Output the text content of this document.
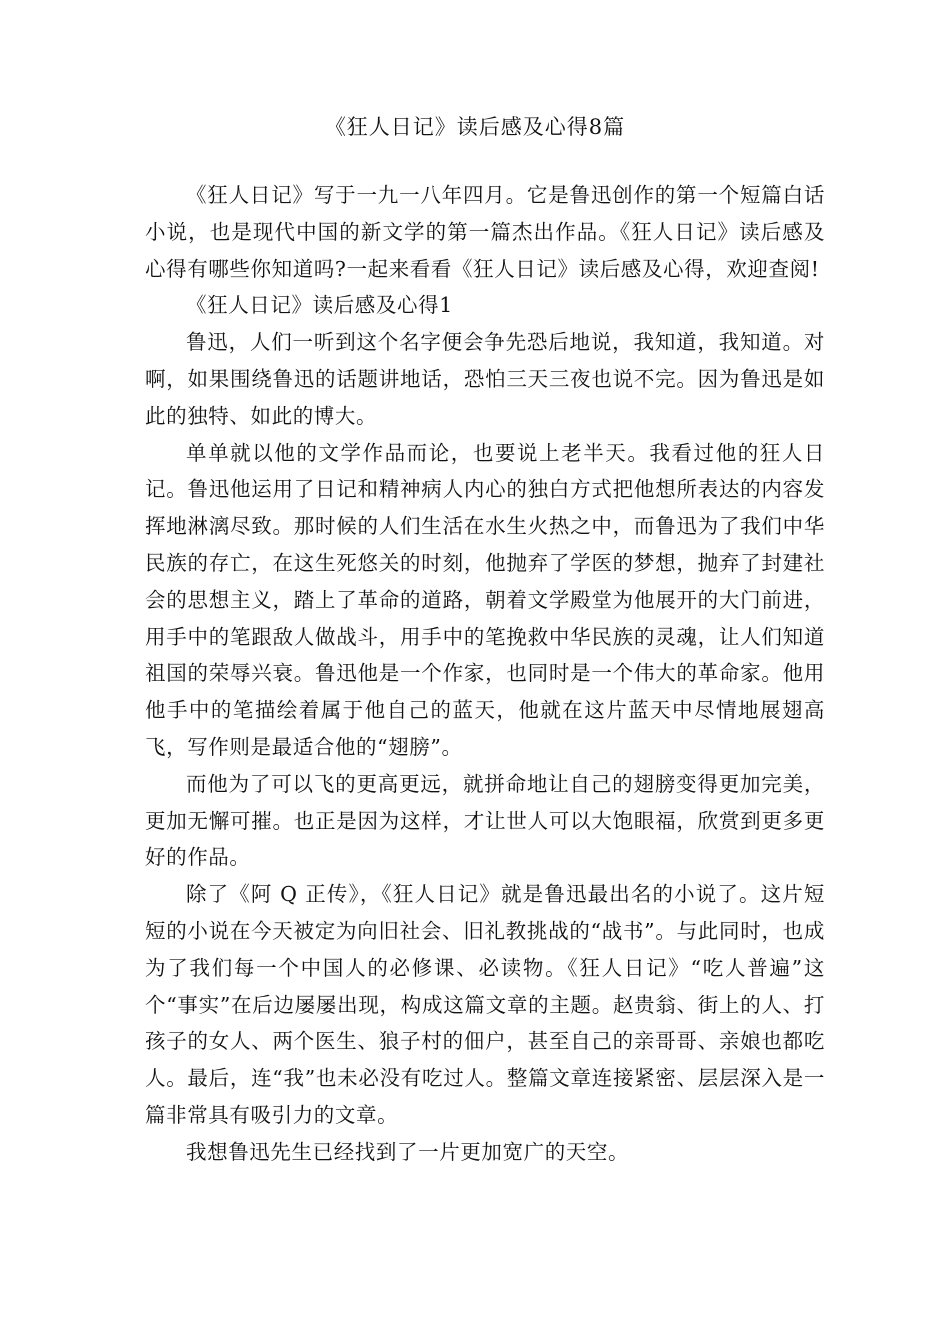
《狂人日记》读后感及心得8篇

《狂人日记》写于一九一八年四月。它是鲁迅创作的第一个短篇白话小说，也是现代中国的新文学的第一篇杰出作品。《狂人日记》读后感及心得有哪些你知道吗?一起来看看《狂人日记》读后感及心得，欢迎查阅!

《狂人日记》读后感及心得1

鲁迅，人们一听到这个名字便会争先恐后地说，我知道，我知道。对啊，如果围绕鲁迅的话题讲地话，恐怕三天三夜也说不完。因为鲁迅是如此的独特、如此的博大。

单单就以他的文学作品而论，也要说上老半天。我看过他的狂人日记。鲁迅他运用了日记和精神病人内心的独白方式把他想所表达的内容发挥地淋漓尽致。那时候的人们生活在水生火热之中，而鲁迅为了我们中华民族的存亡，在这生死悠关的时刻，他抛弃了学医的梦想，抛弃了封建社会的思想主义，踏上了革命的道路，朝着文学殿堂为他展开的大门前进，用手中的笔跟敌人做战斗，用手中的笔挽救中华民族的灵魂，让人们知道祖国的荣辱兴衰。鲁迅他是一个作家，也同时是一个伟大的革命家。他用他手中的笔描绘着属于他自己的蓝天，他就在这片蓝天中尽情地展翅高飞，写作则是最适合他的“翅膀”。

而他为了可以飞的更高更远，就拼命地让自己的翅膀变得更加完美，更加无懈可摧。也正是因为这样，才让世人可以大饱眼福，欣赏到更多更好的作品。

除了《阿 Q 正传》，《狂人日记》就是鲁迅最出名的小说了。这片短短的小说在今天被定为向旧社会、旧礼教挑战的“战书”。与此同时，也成为了我们每一个中国人的必修课、必读物。《狂人日记》“吃人普遍”这个“事实”在后边屡屡出现，构成这篇文章的主题。赵贵翁、街上的人、打孩子的女人、两个医生、狼子村的佃户，甚至自己的亲哥哥、亲娘也都吃人。最后，连“我”也未必没有吃过人。整篇文章连接紧密、层层深入是一篇非常具有吸引力的文章。

我想鲁迅先生已经找到了一片更加宽广的天空。
